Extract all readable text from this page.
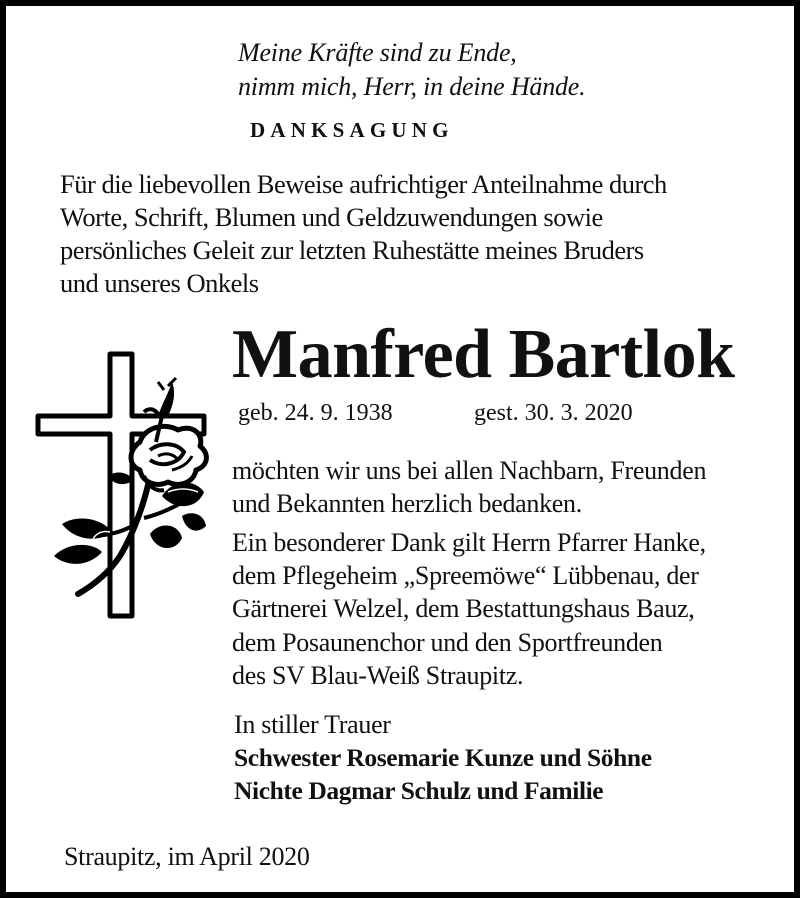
Meine Kräfte sind zu Ende,
nimm mich, Herr, in deine Hände.
DANKSAGUNG
Für die liebevollen Beweise aufrichtiger Anteilnahme durch
Worte, Schrift, Blumen und Geldzuwendungen sowie
persönliches Geleit zur letzten Ruhestätte meines Bruders
und unseres Onkels
Manfred Bartlok
geb. 24. 9. 1938	gest. 30. 3. 2020
möchten wir uns bei allen Nachbarn, Freunden
und Bekannten herzlich bedanken.
Ein besonderer Dank gilt Herrn Pfarrer Hanke,
dem Pflegeheim „Spreemöwe“ Lübbenau, der
Gärtnerei Welzel, dem Bestattungshaus Bauz,
dem Posaunenchor und den Sportfreunden
des SV Blau-Weiß Straupitz.
In stiller Trauer
Schwester Rosemarie Kunze und Söhne
Nichte Dagmar Schulz und Familie
Straupitz, im April 2020
